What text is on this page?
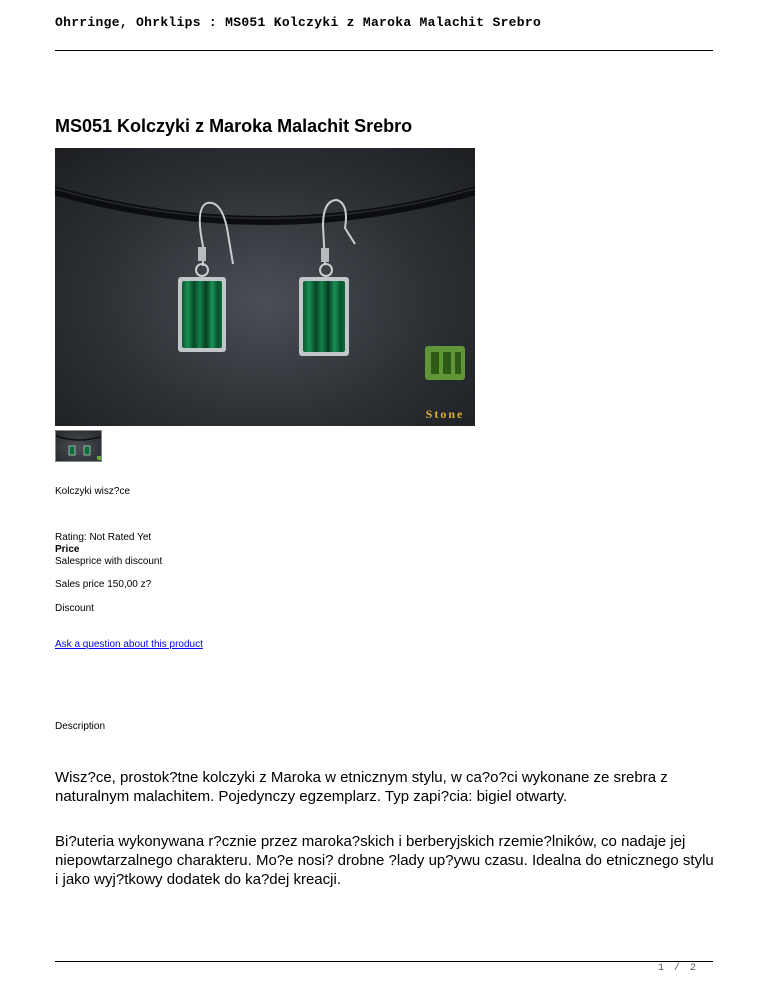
Ohrringe, Ohrklips : MS051 Kolczyki z Maroka Malachit Srebro
MS051 Kolczyki z Maroka Malachit Srebro
Stone
Kolczyki wisz?ce
Rating: Not Rated Yet
Price
Salesprice with discount
Sales price 150,00 z?
Discount
Ask a question about this product
Description
Wisz?ce, prostok?tne kolczyki z Maroka w etnicznym stylu, w ca?o?ci wykonane ze srebra z naturalnym malachitem. Pojedynczy egzemplarz. Typ zapi?cia: bigiel otwarty.
Bi?uteria wykonywana r?cznie przez maroka?skich i berberyjskich rzemie?lników, co nadaje jej niepowtarzalnego charakteru. Mo?e nosi? drobne ?lady up?ywu czasu. Idealna do etnicznego stylu i jako wyj?tkowy dodatek do ka?dej kreacji.
1 / 2
